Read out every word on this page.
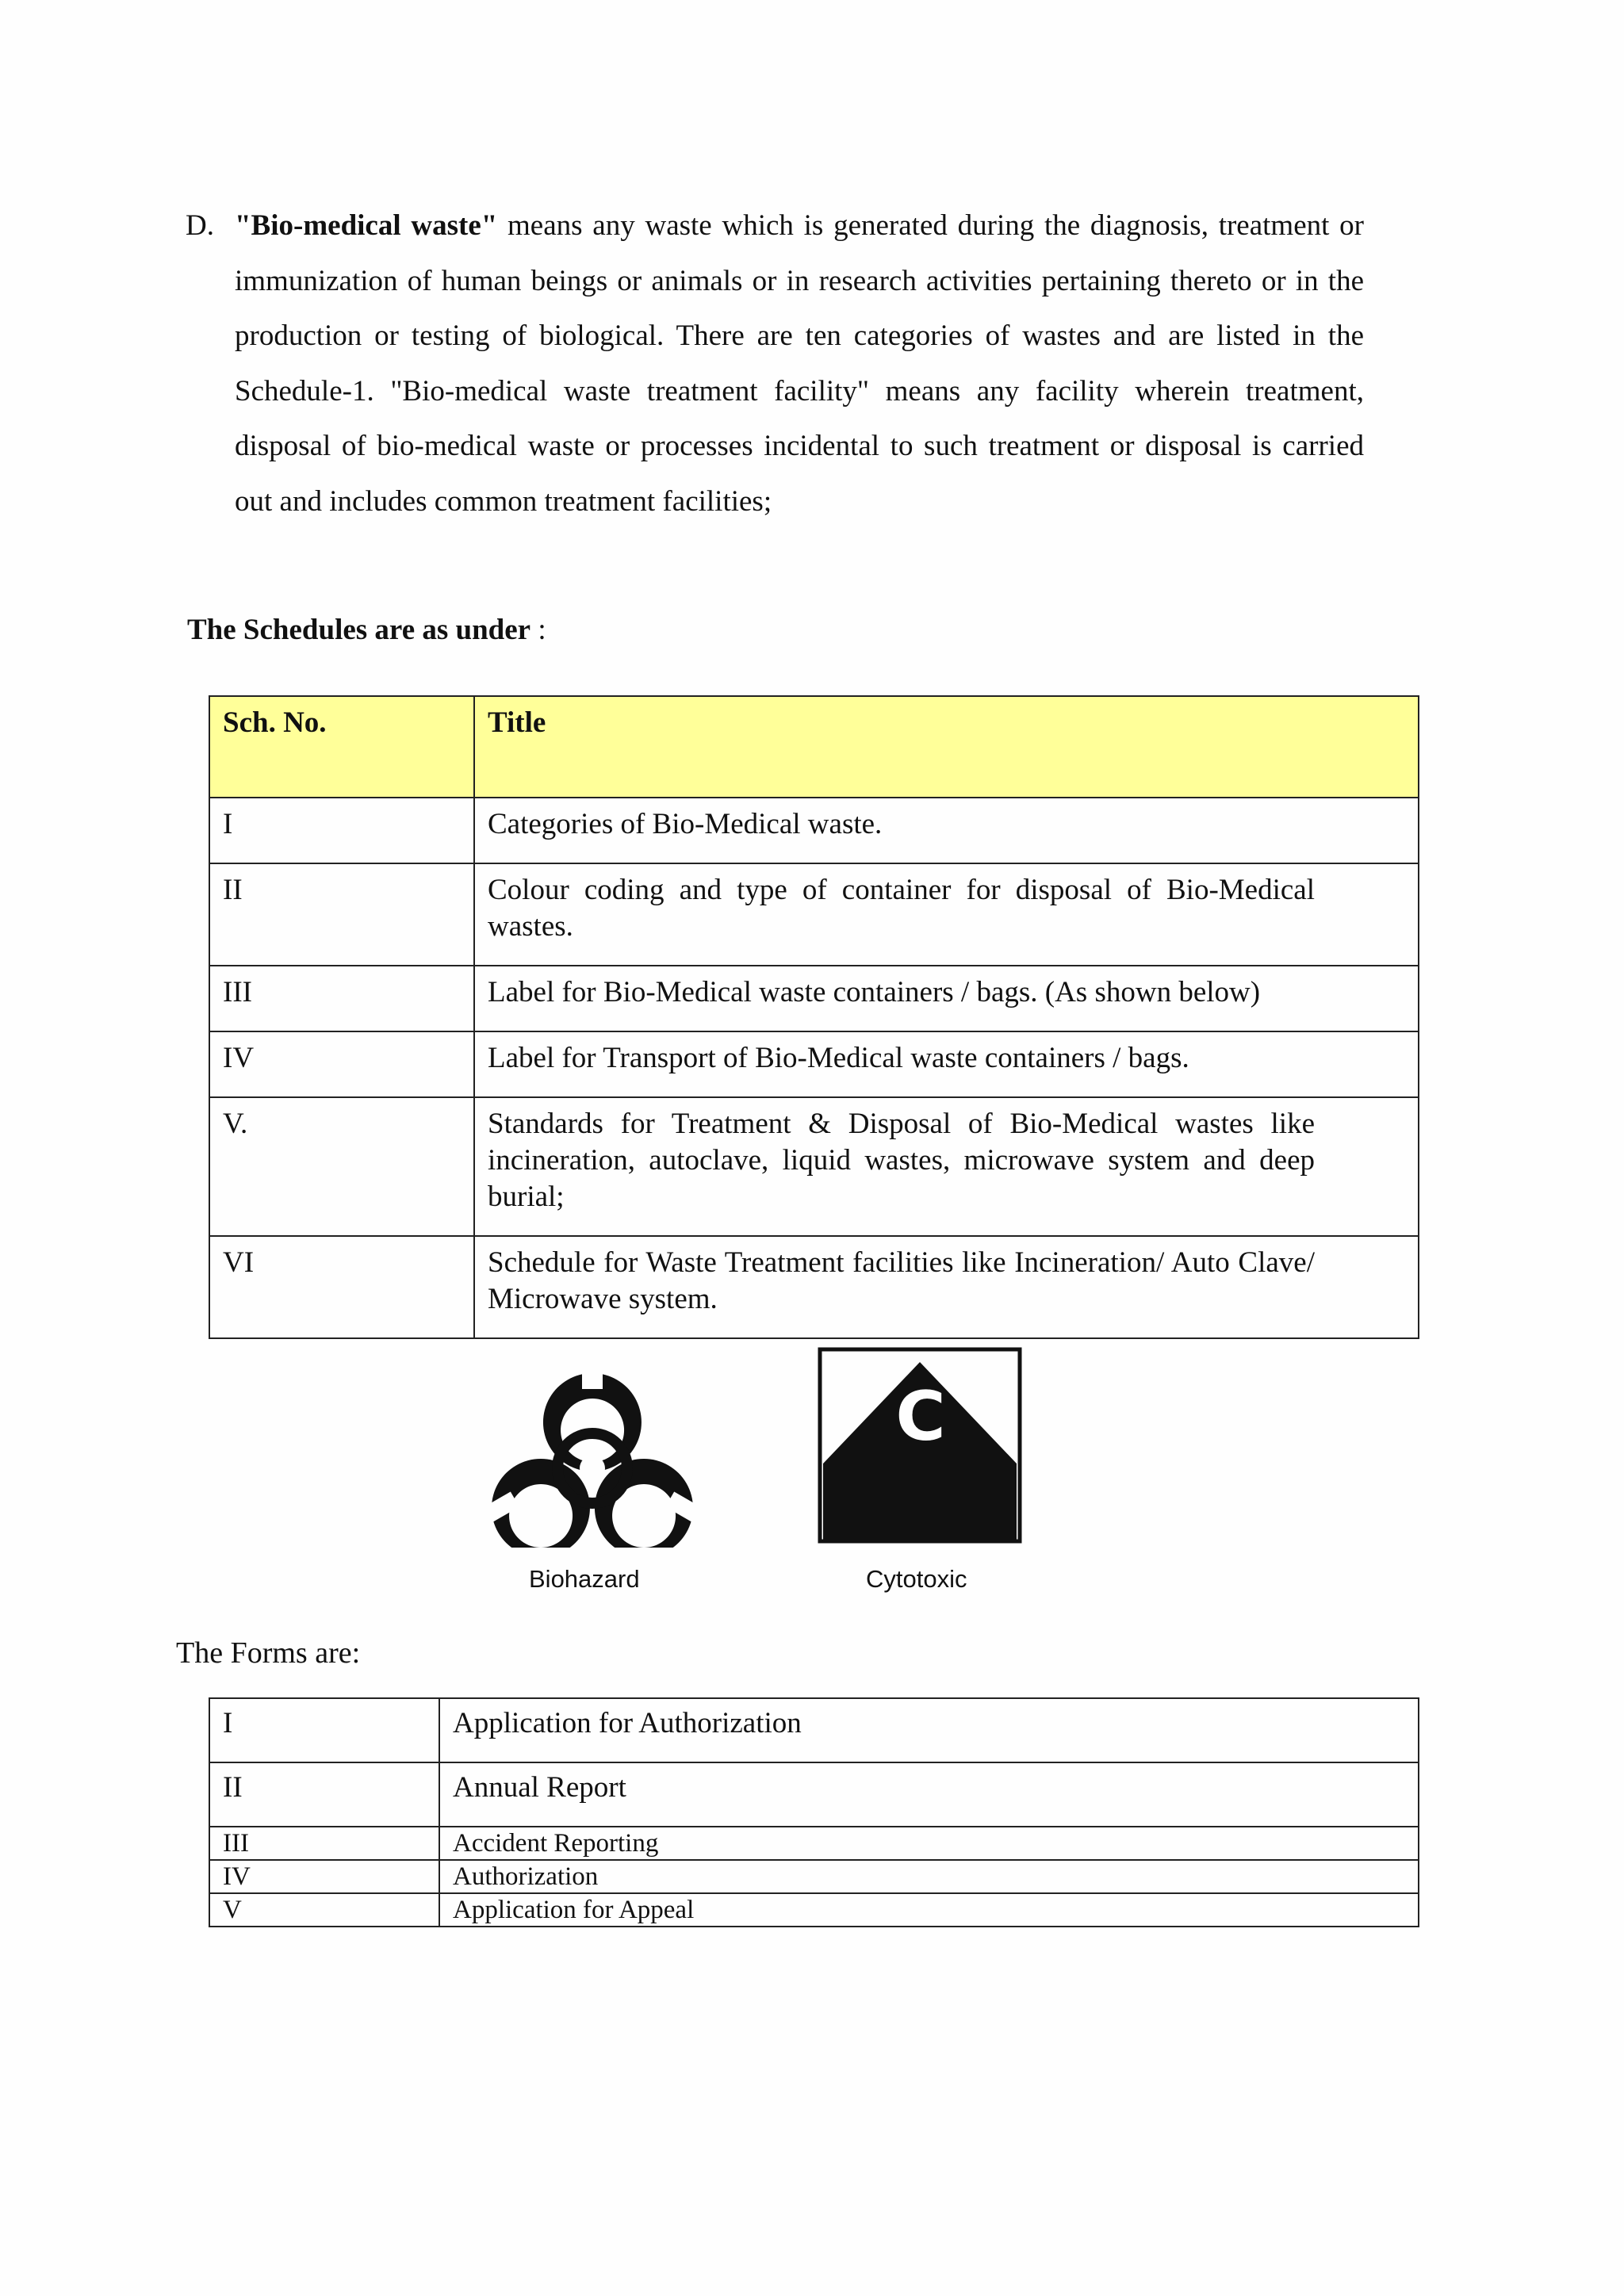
D. "Bio-medical waste" means any waste which is generated during the diagnosis, treatment or immunization of human beings or animals or in research activities pertaining thereto or in the production or testing of biological. There are ten categories of wastes and are listed in the Schedule-1. "Bio-medical waste treatment facility" means any facility wherein treatment, disposal of bio-medical waste or processes incidental to such treatment or disposal is carried out and includes common treatment facilities;
The Schedules are as under :
Sch. No.	Title
I	Categories of Bio-Medical waste.
II	Colour coding and type of container for disposal of Bio-Medical wastes.
III	Label for Bio-Medical waste containers / bags. (As shown below)
IV	Label for Transport of Bio-Medical waste containers / bags.
V.	Standards for Treatment & Disposal of Bio-Medical wastes like incineration, autoclave, liquid wastes, microwave system and deep burial;
VI	Schedule for Waste Treatment facilities like Incineration/ Auto Clave/ Microwave system.
Biohazard
C
Cytotoxic
The Forms are:
I	Application for Authorization
II	Annual Report
III	Accident Reporting
IV	Authorization
V	Application for Appeal
